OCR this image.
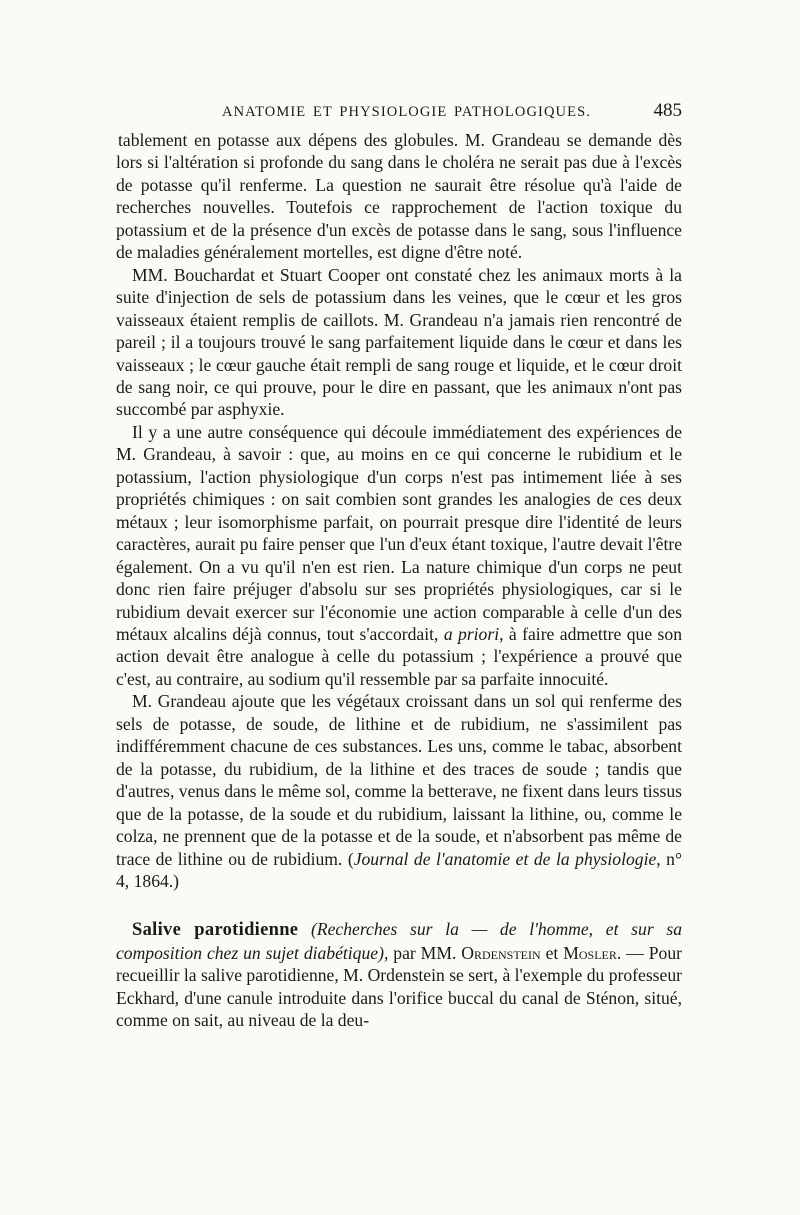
ANATOMIE ET PHYSIOLOGIE PATHOLOGIQUES.	485

tablement en potasse aux dépens des globules. M. Grandeau se demande dès lors si l'altération si profonde du sang dans le choléra ne serait pas due à l'excès de potasse qu'il renferme. La question ne saurait être résolue qu'à l'aide de recherches nouvelles. Toutefois ce rapprochement de l'action toxique du potassium et de la présence d'un excès de potasse dans le sang, sous l'influence de maladies généralement mortelles, est digne d'être noté.

MM. Bouchardat et Stuart Cooper ont constaté chez les animaux morts à la suite d'injection de sels de potassium dans les veines, que le cœur et les gros vaisseaux étaient remplis de caillots. M. Grandeau n'a jamais rien rencontré de pareil ; il a toujours trouvé le sang parfaitement liquide dans le cœur et dans les vaisseaux ; le cœur gauche était rempli de sang rouge et liquide, et le cœur droit de sang noir, ce qui prouve, pour le dire en passant, que les animaux n'ont pas succombé par asphyxie.

Il y a une autre conséquence qui découle immédiatement des expériences de M. Grandeau, à savoir : que, au moins en ce qui concerne le rubidium et le potassium, l'action physiologique d'un corps n'est pas intimement liée à ses propriétés chimiques : on sait combien sont grandes les analogies de ces deux métaux ; leur isomorphisme parfait, on pourrait presque dire l'identité de leurs caractères, aurait pu faire penser que l'un d'eux étant toxique, l'autre devait l'être également. On a vu qu'il n'en est rien. La nature chimique d'un corps ne peut donc rien faire préjuger d'absolu sur ses propriétés physiologiques, car si le rubidium devait exercer sur l'économie une action comparable à celle d'un des métaux alcalins déjà connus, tout s'accordait, a priori, à faire admettre que son action devait être analogue à celle du potassium ; l'expérience a prouvé que c'est, au contraire, au sodium qu'il ressemble par sa parfaite innocuité.

M. Grandeau ajoute que les végétaux croissant dans un sol qui renferme des sels de potasse, de soude, de lithine et de rubidium, ne s'assimilent pas indifféremment chacune de ces substances. Les uns, comme le tabac, absorbent de la potasse, du rubidium, de la lithine et des traces de soude ; tandis que d'autres, venus dans le même sol, comme la betterave, ne fixent dans leurs tissus que de la potasse, de la soude et du rubidium, laissant la lithine, ou, comme le colza, ne prennent que de la potasse et de la soude, et n'absorbent pas même de trace de lithine ou de rubidium. (Journal de l'anatomie et de la physiologie, n° 4, 1864.)

Salive parotidienne (Recherches sur la — de l'homme, et sur sa composition chez un sujet diabétique), par MM. Ordenstein et Mosler. — Pour recueillir la salive parotidienne, M. Ordenstein se sert, à l'exemple du professeur Eckhard, d'une canule introduite dans l'orifice buccal du canal de Sténon, situé, comme on sait, au niveau de la deu-
